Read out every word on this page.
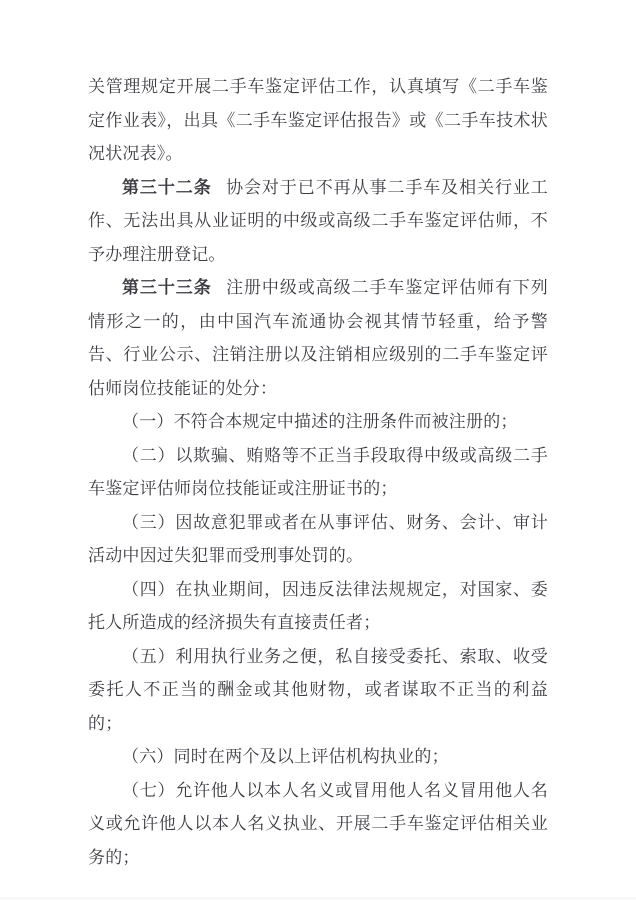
关管理规定开展二手车鉴定评估工作，认真填写《二手车鉴定作业表》，出具《二手车鉴定评估报告》或《二手车技术状况状况表》。

第三十二条 协会对于已不再从事二手车及相关行业工作、无法出具从业证明的中级或高级二手车鉴定评估师，不予办理注册登记。

第三十三条 注册中级或高级二手车鉴定评估师有下列情形之一的，由中国汽车流通协会视其情节轻重，给予警告、行业公示、注销注册以及注销相应级别的二手车鉴定评估师岗位技能证的处分：

（一）不符合本规定中描述的注册条件而被注册的；

（二）以欺骗、贿赂等不正当手段取得中级或高级二手车鉴定评估师岗位技能证或注册证书的；

（三）因故意犯罪或者在从事评估、财务、会计、审计活动中因过失犯罪而受刑事处罚的。

（四）在执业期间，因违反法律法规规定，对国家、委托人所造成的经济损失有直接责任者；

（五）利用执行业务之便，私自接受委托、索取、收受委托人不正当的酬金或其他财物，或者谋取不正当的利益的；

（六）同时在两个及以上评估机构执业的；

（七）允许他人以本人名义或冒用他人名义冒用他人名义或允许他人以本人名义执业、开展二手车鉴定评估相关业务的；
